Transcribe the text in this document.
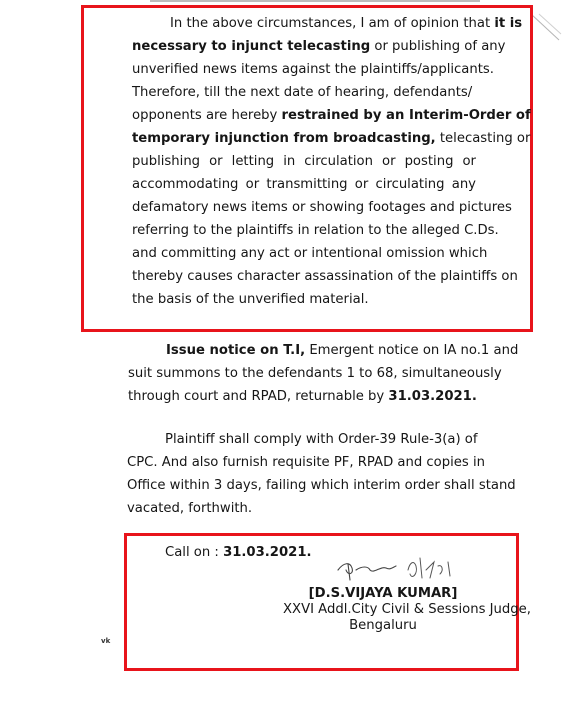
In the above circumstances, I am of opinion that it is
necessary to injunct telecasting or publishing of any
unverified news items against the plaintiffs/applicants.
Therefore, till the next date of hearing, defendants/
opponents are hereby restrained by an Interim-Order of
temporary injunction from broadcasting, telecasting or
publishing or letting in circulation or posting or
accommodating or transmitting or circulating any
defamatory news items or showing footages and pictures
referring to the plaintiffs in relation to the alleged C.Ds.
and committing any act or intentional omission which
thereby causes character assassination of the plaintiffs on
the basis of the unverified material.
Issue notice on T.I, Emergent notice on IA no.1 and
suit summons to the defendants 1 to 68, simultaneously
through court and RPAD, returnable by 31.03.2021.
Plaintiff shall comply with Order-39 Rule-3(a) of
CPC. And also furnish requisite PF, RPAD and copies in
Office within 3 days, failing which interim order shall stand
vacated, forthwith.
Call on : 31.03.2021.
[D.S.VIJAYA KUMAR]
XXVI Addl.City Civil & Sessions Judge,
Bengaluru
vk
